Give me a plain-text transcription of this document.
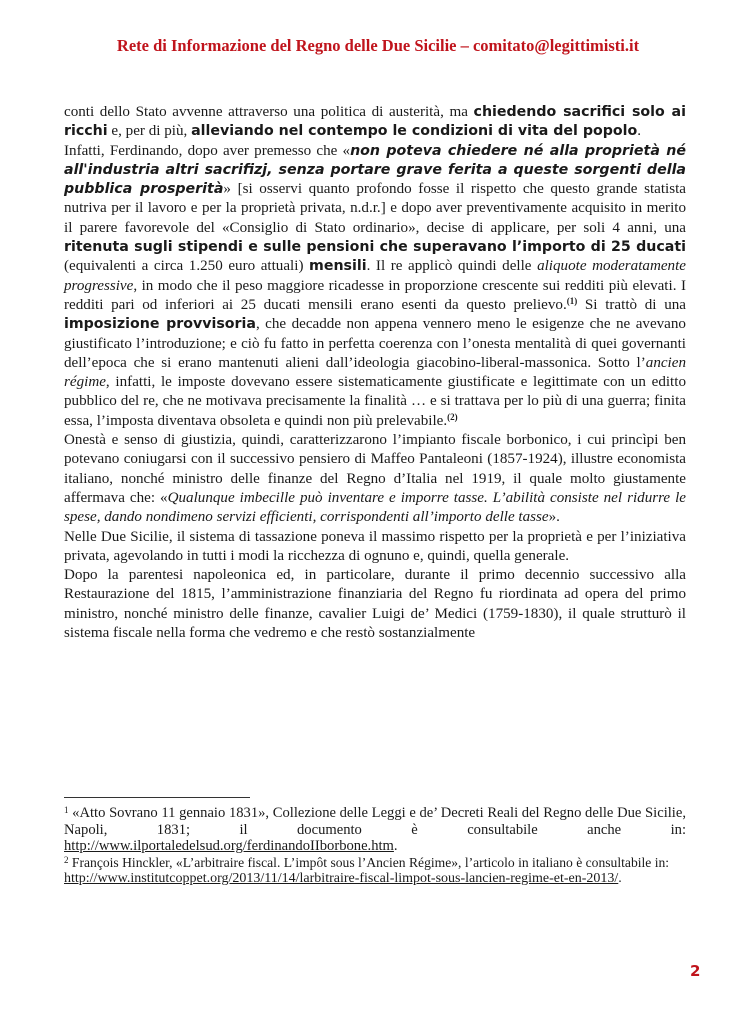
Rete di Informazione del Regno delle Due Sicilie – comitato@legittimisti.it

conti dello Stato avvenne attraverso una politica di austerità, ma chiedendo sacrifici solo ai ricchi e, per di più, alleviando nel contempo le condizioni di vita del popolo.

Infatti, Ferdinando, dopo aver premesso che «non poteva chiedere né alla proprietà né all'industria altri sacrifizj, senza portare grave ferita a queste sorgenti della pubblica prosperità» [si osservi quanto profondo fosse il rispetto che questo grande statista nutriva per il lavoro e per la proprietà privata, n.d.r.] e dopo aver preventivamente acquisito in merito il parere favorevole del «Consiglio di Stato ordinario», decise di applicare, per soli 4 anni, una ritenuta sugli stipendi e sulle pensioni che superavano l’importo di 25 ducati (equivalenti a circa 1.250 euro attuali) mensili. Il re applicò quindi delle aliquote moderatamente progressive, in modo che il peso maggiore ricadesse in proporzione crescente sui redditi più elevati. I redditi pari od inferiori ai 25 ducati mensili erano esenti da questo prelievo.$^{(1)}$ Si trattò di una imposizione provvisoria, che decadde non appena vennero meno le esigenze che ne avevano giustificato l’introduzione; e ciò fu fatto in perfetta coerenza con l’onesta mentalità di quei governanti dell’epoca che si erano mantenuti alieni dall’ideologia giacobino-liberal-massonica. Sotto l’ancien régime, infatti, le imposte dovevano essere sistematicamente giustificate e legittimate con un editto pubblico del re, che ne motivava precisamente la finalità … e si trattava per lo più di una guerra; finita essa, l’imposta diventava obsoleta e quindi non più prelevabile.$^{(2)}$

Onestà e senso di giustizia, quindi, caratterizzarono l’impianto fiscale borbonico, i cui princìpi ben potevano coniugarsi con il successivo pensiero di Maffeo Pantaleoni (1857-1924), illustre economista italiano, nonché ministro delle finanze del Regno d’Italia nel 1919, il quale molto giustamente affermava che: «Qualunque imbecille può inventare e imporre tasse. L’abilità consiste nel ridurre le spese, dando nondimeno servizi efficienti, corrispondenti all’importo delle tasse».

Nelle Due Sicilie, il sistema di tassazione poneva il massimo rispetto per la proprietà e per l’iniziativa privata, agevolando in tutti i modi la ricchezza di ognuno e, quindi, quella generale.

Dopo la parentesi napoleonica ed, in particolare, durante il primo decennio successivo alla Restaurazione del 1815, l’amministrazione finanziaria del Regno fu riordinata ad opera del primo ministro, nonché ministro delle finanze, cavalier Luigi de’ Medici (1759-1830), il quale strutturò il sistema fiscale nella forma che vedremo e che restò sostanzialmente

$^1$ «Atto Sovrano 11 gennaio 1831», Collezione delle Leggi e de’ Decreti Reali del Regno delle Due Sicilie, Napoli, 1831; il documento è consultabile anche in: http://www.ilportaledelsud.org/ferdinandoIIborbone.htm.

$^2$ François Hinckler, «L’arbitraire fiscal. L’impôt sous l’Ancien Régime», l’articolo in italiano è consultabile in:

http://www.institutcoppet.org/2013/11/14/larbitraire-fiscal-limpot-sous-lancien-regime-et-en-2013/.

2
